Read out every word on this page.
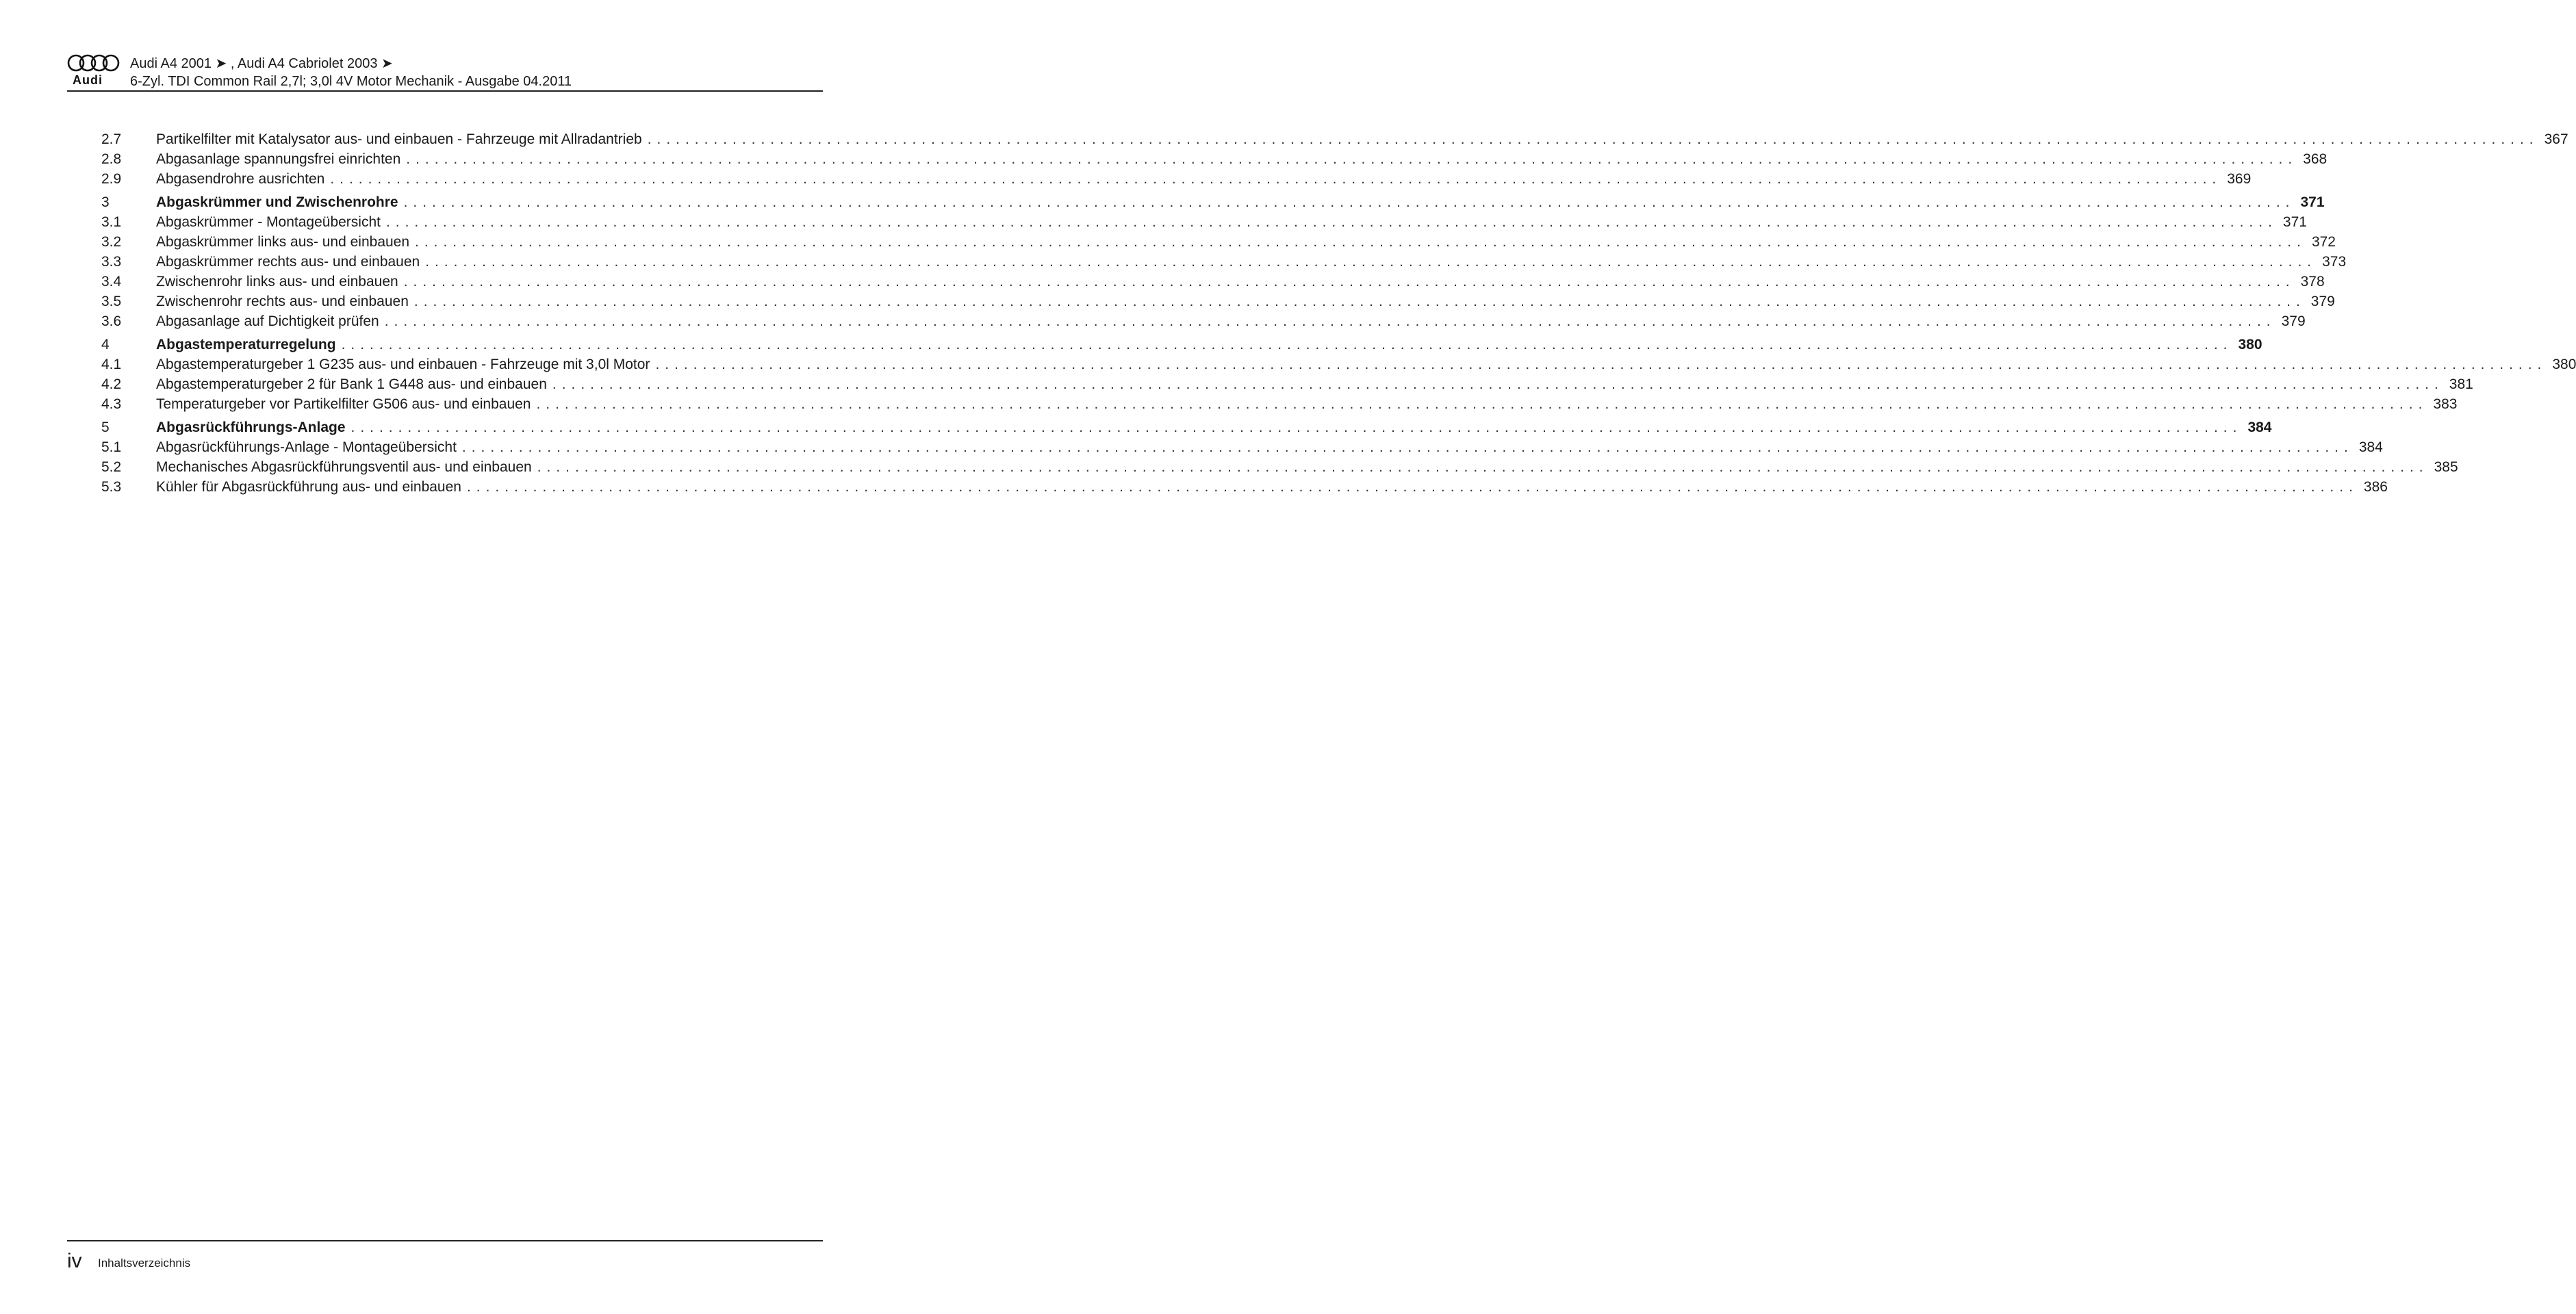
Audi
Audi A4 2001 ➤ , Audi A4 Cabriolet 2003 ➤
6-Zyl. TDI Common Rail 2,7l; 3,0l 4V Motor Mechanik - Ausgabe 04.2011
2.7	Partikelfilter mit Katalysator aus- und einbauen - Fahrzeuge mit Allradantrieb ........................................................................................................................................................................................................ 367
2.8	Abgasanlage spannungsfrei einrichten ........................................................................................................................................................................................................ 368
2.9	Abgasendrohre ausrichten ........................................................................................................................................................................................................ 369
3	Abgaskrümmer und Zwischenrohre ........................................................................................................................................................................................................ 371
3.1	Abgaskrümmer - Montageübersicht ........................................................................................................................................................................................................ 371
3.2	Abgaskrümmer links aus- und einbauen ........................................................................................................................................................................................................ 372
3.3	Abgaskrümmer rechts aus- und einbauen ........................................................................................................................................................................................................ 373
3.4	Zwischenrohr links aus- und einbauen ........................................................................................................................................................................................................ 378
3.5	Zwischenrohr rechts aus- und einbauen ........................................................................................................................................................................................................ 379
3.6	Abgasanlage auf Dichtigkeit prüfen ........................................................................................................................................................................................................ 379
4	Abgastemperaturregelung ........................................................................................................................................................................................................ 380
4.1	Abgastemperaturgeber 1 G235 aus- und einbauen - Fahrzeuge mit 3,0l Motor ........................................................................................................................................................................................................ 380
4.2	Abgastemperaturgeber 2 für Bank 1 G448 aus- und einbauen ........................................................................................................................................................................................................ 381
4.3	Temperaturgeber vor Partikelfilter G506 aus- und einbauen ........................................................................................................................................................................................................ 383
5	Abgasrückführungs-Anlage ........................................................................................................................................................................................................ 384
5.1	Abgasrückführungs-Anlage - Montageübersicht ........................................................................................................................................................................................................ 384
5.2	Mechanisches Abgasrückführungsventil aus- und einbauen ........................................................................................................................................................................................................ 385
5.3	Kühler für Abgasrückführung aus- und einbauen ........................................................................................................................................................................................................ 386
iv Inhaltsverzeichnis
